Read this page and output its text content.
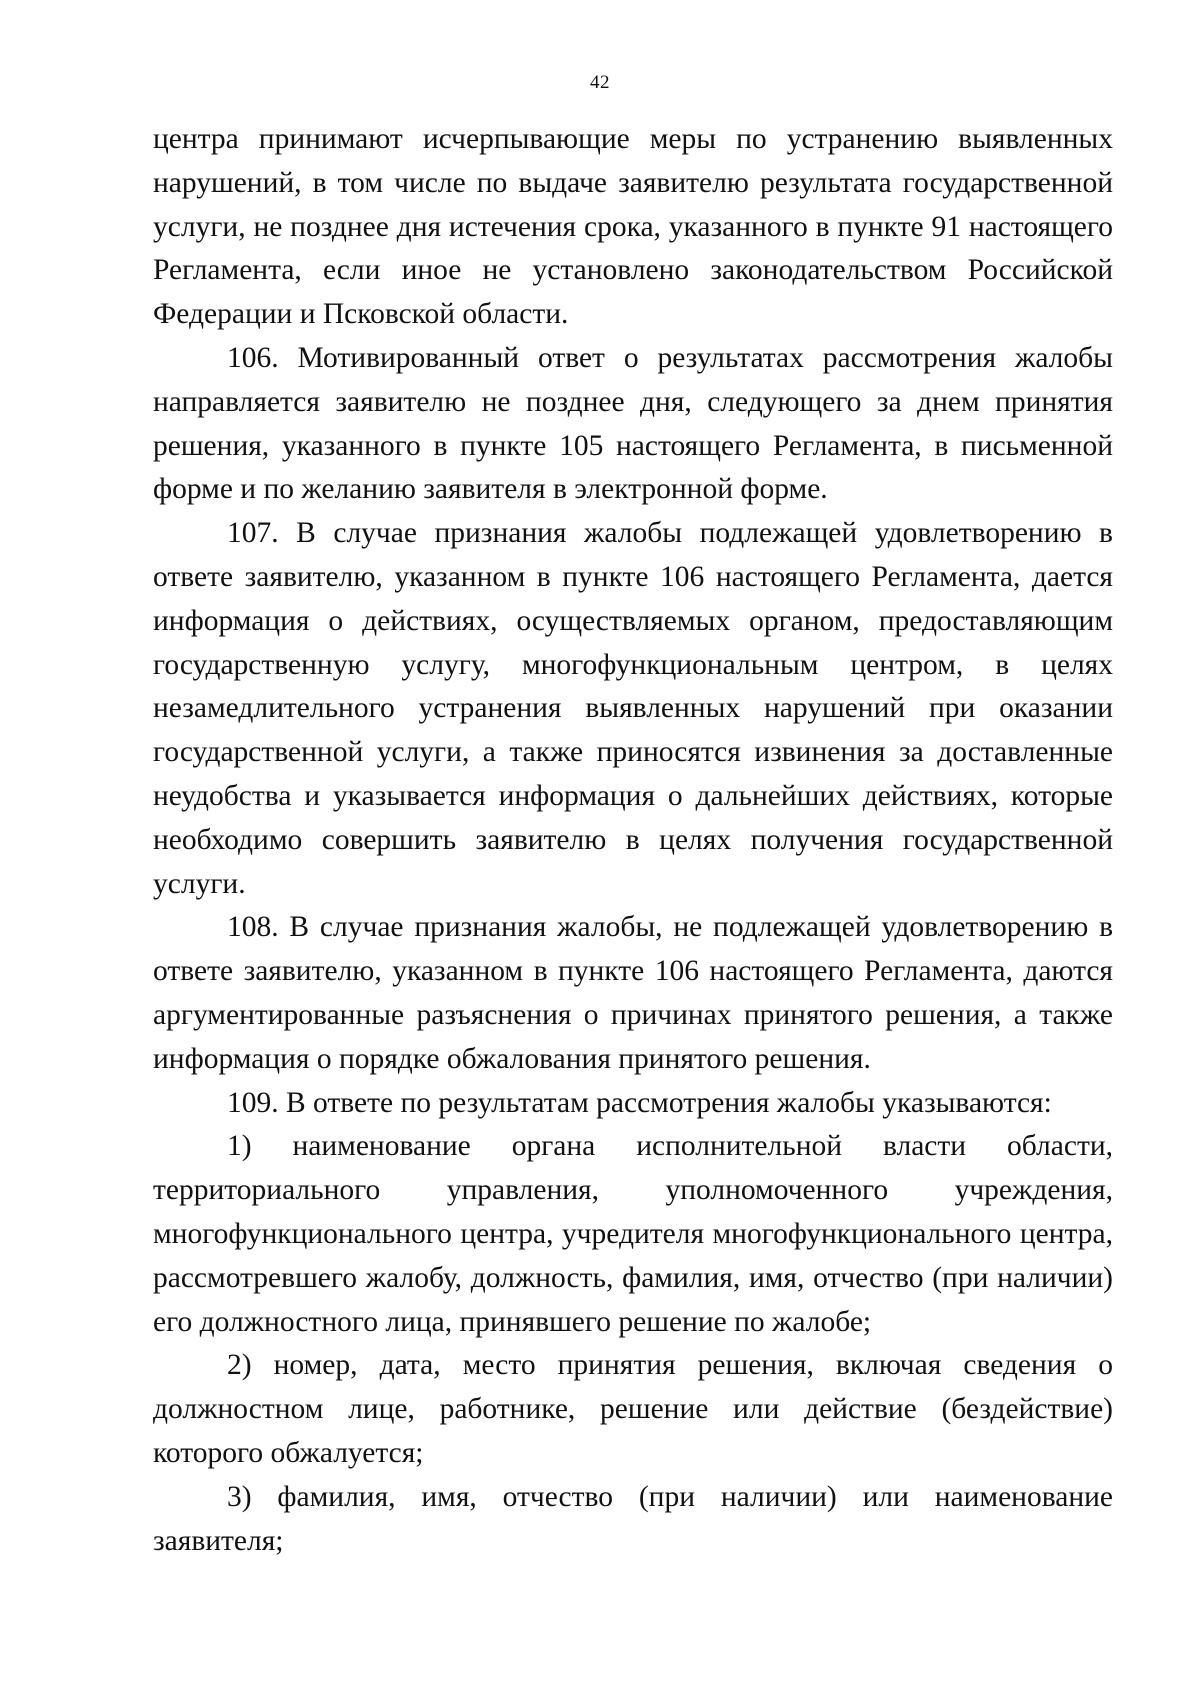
42

центра принимают исчерпывающие меры по устранению выявленных нарушений, в том числе по выдаче заявителю результата государственной услуги, не позднее дня истечения срока, указанного в пункте 91 настоящего Регламента, если иное не установлено законодательством Российской Федерации и Псковской области.

106. Мотивированный ответ о результатах рассмотрения жалобы направляется заявителю не позднее дня, следующего за днем принятия решения, указанного в пункте 105 настоящего Регламента, в письменной форме и по желанию заявителя в электронной форме.

107. В случае признания жалобы подлежащей удовлетворению в ответе заявителю, указанном в пункте 106 настоящего Регламента, дается информация о действиях, осуществляемых органом, предоставляющим государственную услугу, многофункциональным центром, в целях незамедлительного устранения выявленных нарушений при оказании государственной услуги, а также приносятся извинения за доставленные неудобства и указывается информация о дальнейших действиях, которые необходимо совершить заявителю в целях получения государственной услуги.

108. В случае признания жалобы, не подлежащей удовлетворению в ответе заявителю, указанном в пункте 106 настоящего Регламента, даются аргументированные разъяснения о причинах принятого решения, а также информация о порядке обжалования принятого решения.

109. В ответе по результатам рассмотрения жалобы указываются:

1) наименование органа исполнительной власти области, территориального управления, уполномоченного учреждения, многофункционального центра, учредителя многофункционального центра, рассмотревшего жалобу, должность, фамилия, имя, отчество (при наличии) его должностного лица, принявшего решение по жалобе;

2) номер, дата, место принятия решения, включая сведения о должностном лице, работнике, решение или действие (бездействие) которого обжалуется;

3) фамилия, имя, отчество (при наличии) или наименование заявителя;
